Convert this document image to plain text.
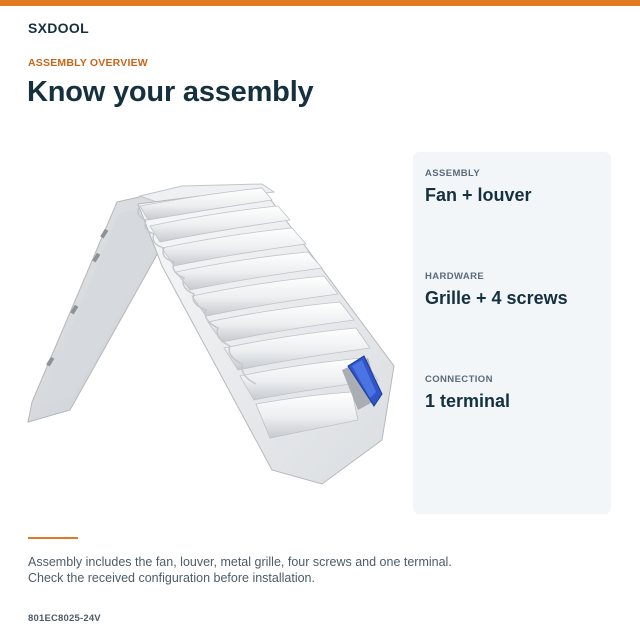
SXDOOL
ASSEMBLY OVERVIEW
Know your assembly
ASSEMBLY
Fan + louver
HARDWARE
Grille + 4 screws
CONNECTION
1 terminal
Assembly includes the fan, louver, metal grille, four screws and one terminal.
Check the received configuration before installation.
801EC8025-24V
